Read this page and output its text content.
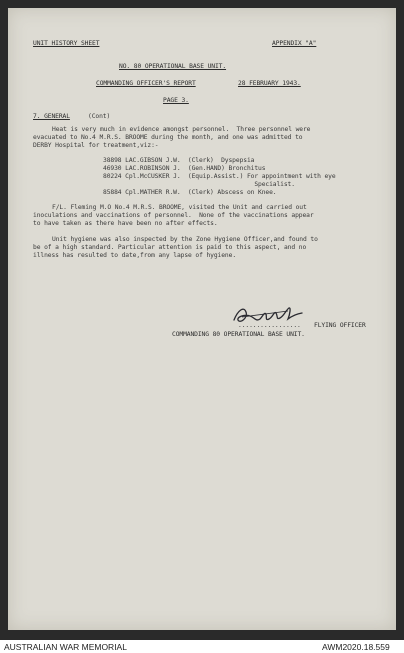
UNIT HISTORY SHEET	APPENDIX "A"
NO. 80 OPERATIONAL BASE UNIT.
COMMANDING OFFICER'S REPORT	28 FEBRUARY 1943.
PAGE 3.
7. GENERAL	(Cont)
Heat is very much in evidence amongst personnel.  Three personnel were
evacuated to No.4 M.R.S. BROOME during the month, and one was admitted to
DERBY Hospital for treatment,viz:-
38898 LAC.GIBSON J.W.  (Clerk)  Dyspepsia
46930 LAC.ROBINSON J.  (Gen.HAND) Bronchitus
80224 Cpl.McCUSKER J.  (Equip.Assist.) For appointment with eye
Specialist.
85884 Cpl.MATHER R.W.  (Clerk) Abscess on Knee.
F/L. Fleming M.O No.4 M.R.S. BROOME, visited the Unit and carried out
inoculations and vaccinations of personnel.  None of the vaccinations appear
to have taken as there have been no after effects.
Unit hygiene was also inspected by the Zone Hygiene Officer,and found to
be of a high standard. Particular attention is paid to this aspect, and no
illness has resulted to date,from any lapse of hygiene.
................. FLYING OFFICER
COMMANDING 80 OPERATIONAL BASE UNIT.
AUSTRALIAN WAR MEMORIAL	AWM2020.18.559
